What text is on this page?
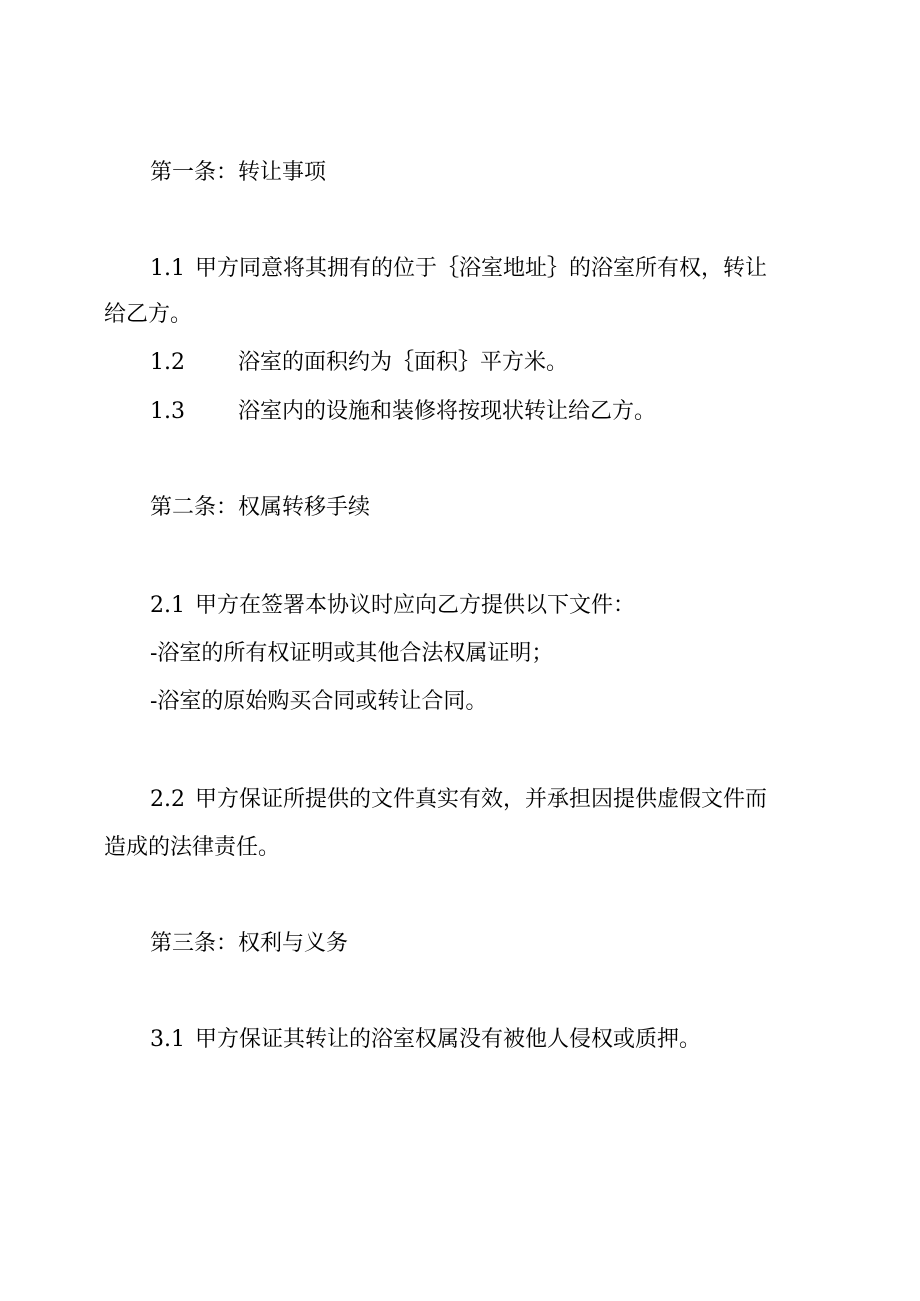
第一条：转让事项
1.1 甲方同意将其拥有的位于｛浴室地址｝的浴室所有权，转让
给乙方。
1.2 浴室的面积约为｛面积｝平方米。
1.3 浴室内的设施和装修将按现状转让给乙方。
第二条：权属转移手续
2.1 甲方在签署本协议时应向乙方提供以下文件：
-浴室的所有权证明或其他合法权属证明；
-浴室的原始购买合同或转让合同。
2.2 甲方保证所提供的文件真实有效，并承担因提供虚假文件而
造成的法律责任。
第三条：权利与义务
3.1 甲方保证其转让的浴室权属没有被他人侵权或质押。
